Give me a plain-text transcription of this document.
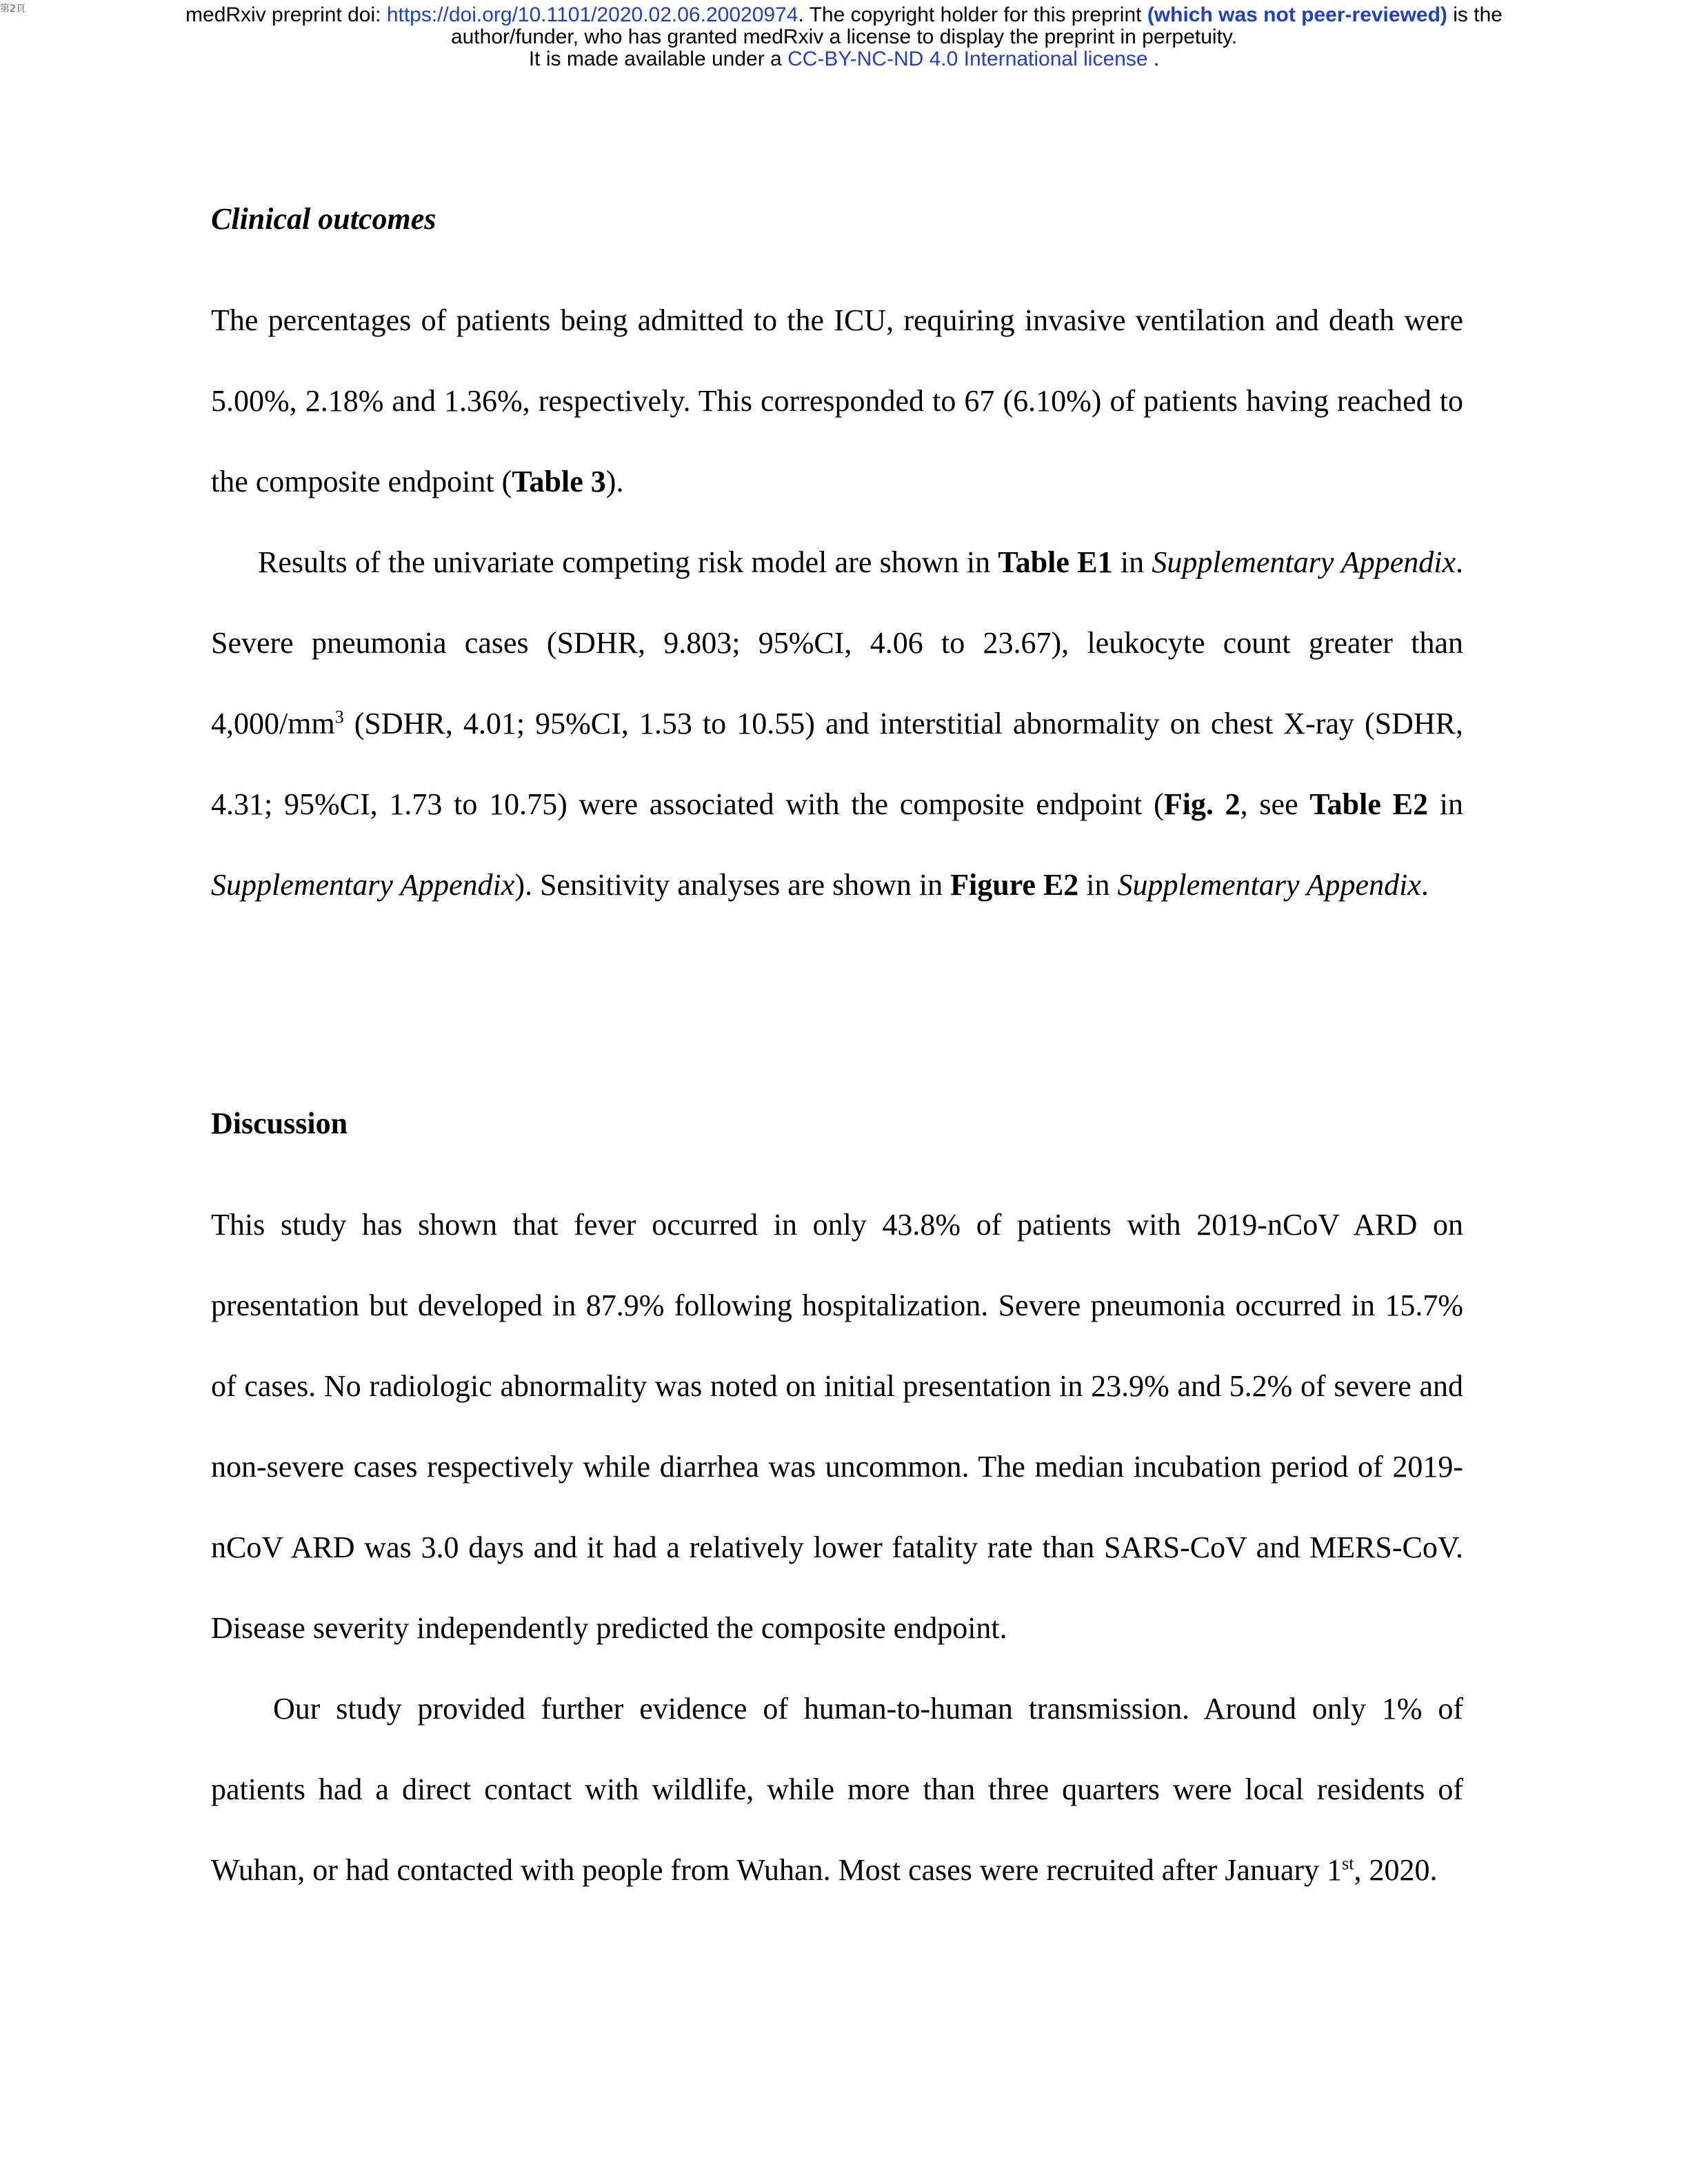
第2頁	medRxiv preprint doi: https://doi.org/10.1101/2020.02.06.20020974. The copyright holder for this preprint (which was not peer-reviewed) is the
author/funder, who has granted medRxiv a license to display the preprint in perpetuity.
It is made available under a CC-BY-NC-ND 4.0 International license .
Clinical outcomes

The percentages of patients being admitted to the ICU, requiring invasive ventilation and death were 5.00%, 2.18% and 1.36%, respectively. This corresponded to 67 (6.10%) of patients having reached to the composite endpoint (Table 3).

Results of the univariate competing risk model are shown in Table E1 in Supplementary Appendix. Severe pneumonia cases (SDHR, 9.803; 95%CI, 4.06 to 23.67), leukocyte count greater than $4,000/mm^3$ (SDHR, 4.01; 95%CI, 1.53 to 10.55) and interstitial abnormality on chest X-ray (SDHR, 4.31; 95%CI, 1.73 to 10.75) were associated with the composite endpoint (Fig. 2, see Table E2 in Supplementary Appendix). Sensitivity analyses are shown in Figure E2 in Supplementary Appendix.

Discussion

This study has shown that fever occurred in only 43.8% of patients with 2019-nCoV ARD on presentation but developed in 87.9% following hospitalization. Severe pneumonia occurred in 15.7% of cases. No radiologic abnormality was noted on initial presentation in 23.9% and 5.2% of severe and non-severe cases respectively while diarrhea was uncommon. The median incubation period of 2019-nCoV ARD was 3.0 days and it had a relatively lower fatality rate than SARS-CoV and MERS-CoV. Disease severity independently predicted the composite endpoint.

Our study provided further evidence of human-to-human transmission. Around only 1% of patients had a direct contact with wildlife, while more than three quarters were local residents of Wuhan, or had contacted with people from Wuhan. Most cases were recruited after January 1st, 2020.
